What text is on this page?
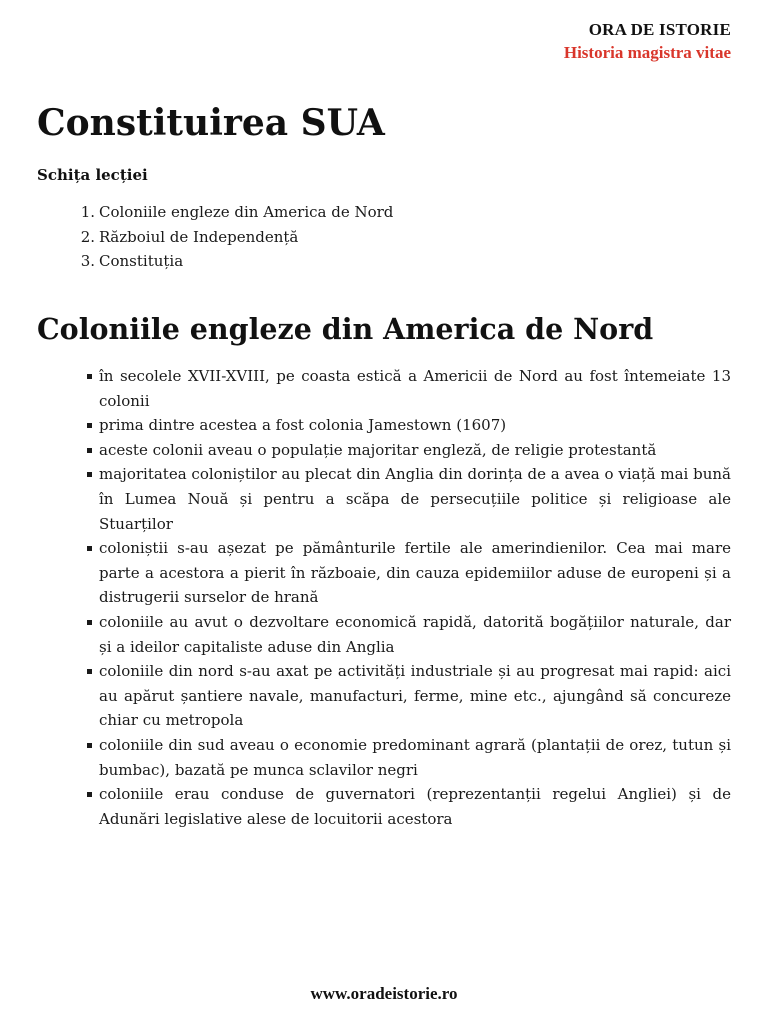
ORA DE ISTORIE
Historia magistra vitae
Constituirea SUA
Schița lecției
1. Coloniile engleze din America de Nord
2. Războiul de Independență
3. Constituția
Coloniile engleze din America de Nord
în secolele XVII-XVIII, pe coasta estică a Americii de Nord au fost întemeiate 13 colonii
prima dintre acestea a fost colonia Jamestown (1607)
aceste colonii aveau o populație majoritar engleză, de religie protestantă
majoritatea coloniștilor au plecat din Anglia din dorința de a avea o viață mai bună în Lumea Nouă și pentru a scăpa de persecuțiile politice și religioase ale Stuarților
coloniștii s-au așezat pe pământurile fertile ale amerindienilor. Cea mai mare parte a acestora a pierit în războaie, din cauza epidemiilor aduse de europeni și a distrugerii surselor de hrană
coloniile au avut o dezvoltare economică rapidă, datorită bogățiilor naturale, dar și a ideilor capitaliste aduse din Anglia
coloniile din nord s-au axat pe activități industriale și au progresat mai rapid: aici au apărut șantiere navale, manufacturi, ferme, mine etc., ajungând să concureze chiar cu metropola
coloniile din sud aveau o economie predominant agrară (plantații de orez, tutun și bumbac), bazată pe munca sclavilor negri
coloniile erau conduse de guvernatori (reprezentanții regelui Angliei) și de Adunări legislative alese de locuitorii acestora
www.oradeistorie.ro
